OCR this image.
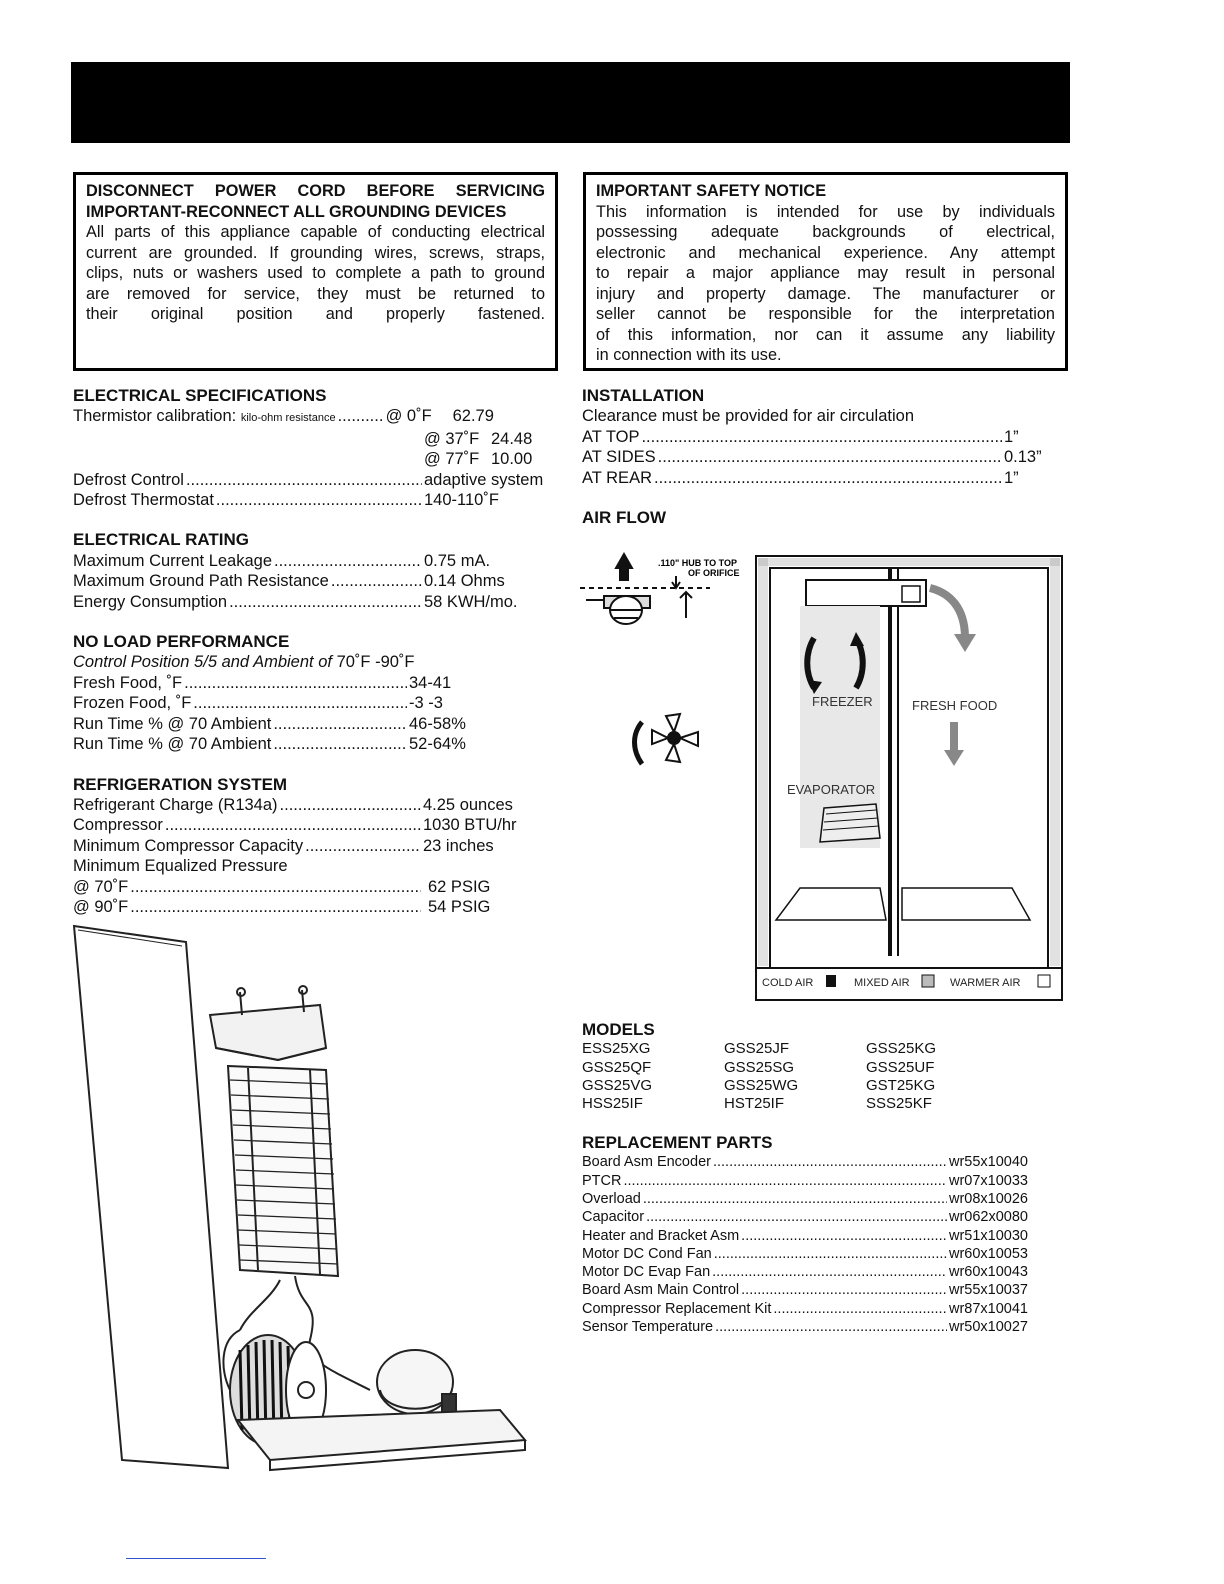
DISCONNECT POWER CORD BEFORE SERVICING
IMPORTANT-RECONNECT ALL GROUNDING DEVICES
All parts of this appliance capable of conducting electrical
current are grounded. If grounding wires, screws, straps,
clips, nuts or washers used to complete a path to ground
are removed for service, they must be returned to
their original position and properly fastened.
IMPORTANT SAFETY NOTICE
This information is intended for use by individuals
possessing adequate backgrounds of electrical,
electronic and mechanical experience. Any attempt
to repair a major appliance may result in personal
injury and property damage. The manufacturer or
seller cannot be responsible for the interpretation
of this information, nor can it assume any liability
in connection with its use.
ELECTRICAL SPECIFICATIONS
Thermistor calibration: kilo-ohm resistance .....	@ 0˚F 62.79
@ 37˚F 24.48
@ 77˚F 10.00
Defrost Control .....	adaptive system
Defrost Thermostat .....	140-110˚F
ELECTRICAL RATING
Maximum Current Leakage .....	0.75 mA.
Maximum Ground Path Resistance .....	0.14 Ohms
Energy Consumption .....	58 KWH/mo.
NO LOAD PERFORMANCE
Control Position 5/5 and Ambient of
70˚F -90˚F
Fresh Food, ˚F .....	34-41
Frozen Food, ˚F .....	-3 -3
Run Time % @ 70 Ambient .....	46-58%
Run Time % @ 70 Ambient .....	52-64%
REFRIGERATION SYSTEM
Refrigerant Charge (R134a) .....	4.25 ounces
Compressor .....	1030 BTU/hr
Minimum Compressor Capacity .....	23 inches
Minimum Equalized Pressure
@ 70˚F .....	62 PSIG
@ 90˚F .....	54 PSIG
INSTALLATION
Clearance must be provided for air circulation
AT TOP .....	1”
AT SIDES .....	0.13”
AT REAR .....	1”
AIR FLOW
.110" HUB TO TOP
OF ORIFICE
FREEZER	FRESH FOOD
EVAPORATOR
COLD AIR	MIXED AIR	WARMER AIR
MODELS
ESS25XG	GSS25JF	GSS25KG
GSS25QF	GSS25SG	GSS25UF
GSS25VG	GSS25WG	GST25KG
HSS25IF	HST25IF	SSS25KF
REPLACEMENT PARTS
Board Asm Encoder .....	wr55x10040
PTCR .....	wr07x10033
Overload .....	wr08x10026
Capacitor .....	wr062x0080
Heater and Bracket Asm .....	wr51x10030
Motor DC Cond Fan .....	wr60x10053
Motor DC Evap Fan .....	wr60x10043
Board Asm Main Control .....	wr55x10037
Compressor Replacement Kit .....	wr87x10041
Sensor Temperature .....	wr50x10027
